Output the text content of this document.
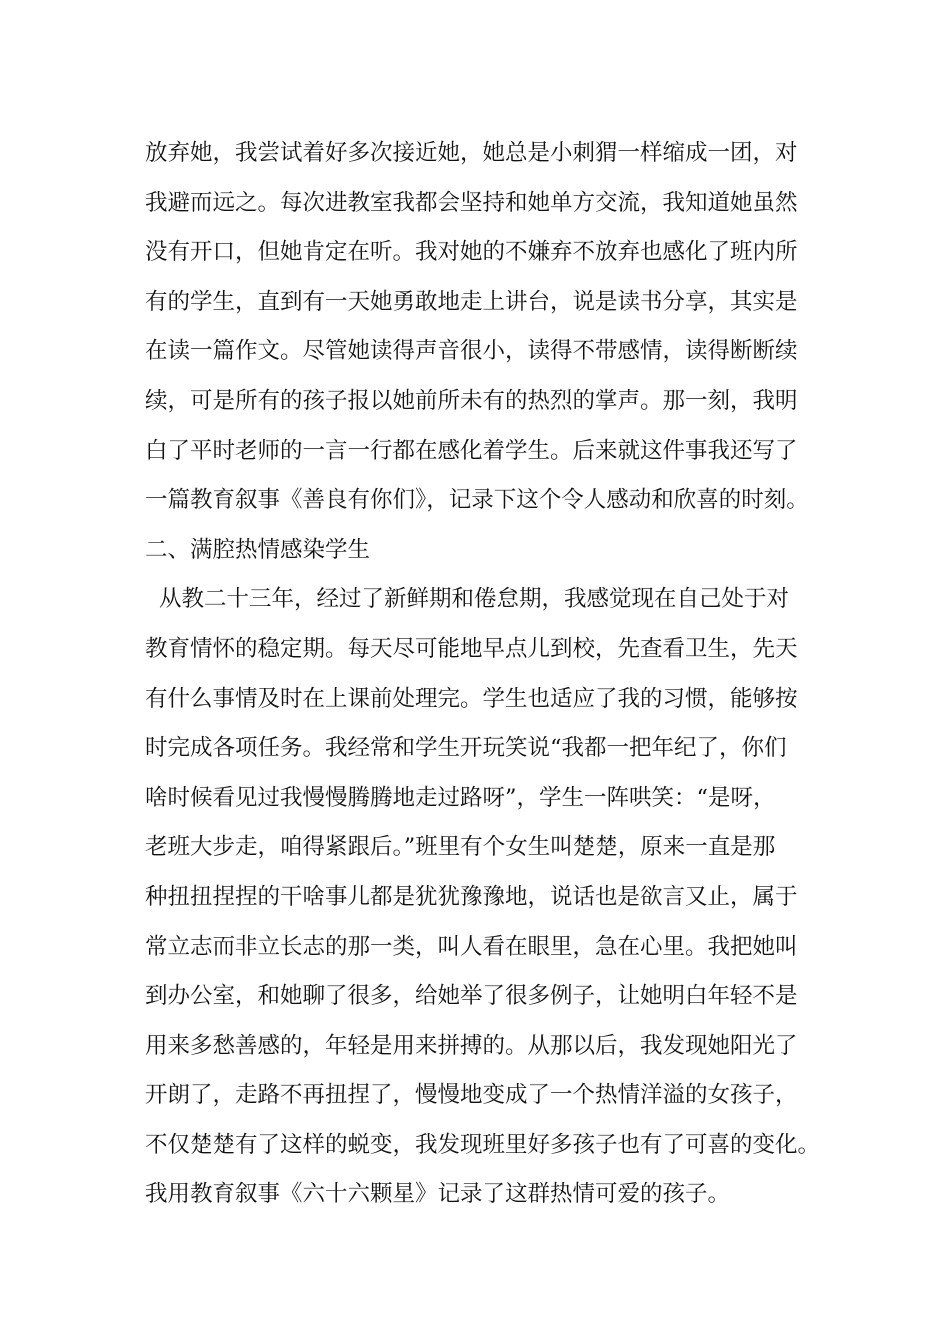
放弃她，我尝试着好多次接近她，她总是小刺猬一样缩成一团，对
我避而远之。每次进教室我都会坚持和她单方交流，我知道她虽然
没有开口，但她肯定在听。我对她的不嫌弃不放弃也感化了班内所
有的学生，直到有一天她勇敢地走上讲台，说是读书分享，其实是
在读一篇作文。尽管她读得声音很小，读得不带感情，读得断断续
续，可是所有的孩子报以她前所未有的热烈的掌声。那一刻，我明
白了平时老师的一言一行都在感化着学生。后来就这件事我还写了
一篇教育叙事《善良有你们》，记录下这个令人感动和欣喜的时刻。
二、满腔热情感染学生
从教二十三年，经过了新鲜期和倦怠期，我感觉现在自己处于对
教育情怀的稳定期。每天尽可能地早点儿到校，先查看卫生，先天
有什么事情及时在上课前处理完。学生也适应了我的习惯，能够按
时完成各项任务。我经常和学生开玩笑说“我都一把年纪了，你们
啥时候看见过我慢慢腾腾地走过路呀”，学生一阵哄笑：“是呀，
老班大步走，咱得紧跟后。”班里有个女生叫楚楚，原来一直是那
种扭扭捏捏的干啥事儿都是犹犹豫豫地，说话也是欲言又止，属于
常立志而非立长志的那一类，叫人看在眼里，急在心里。我把她叫
到办公室，和她聊了很多，给她举了很多例子，让她明白年轻不是
用来多愁善感的，年轻是用来拼搏的。从那以后，我发现她阳光了
开朗了，走路不再扭捏了，慢慢地变成了一个热情洋溢的女孩子，
不仅楚楚有了这样的蜕变，我发现班里好多孩子也有了可喜的变化。
我用教育叙事《六十六颗星》记录了这群热情可爱的孩子。
